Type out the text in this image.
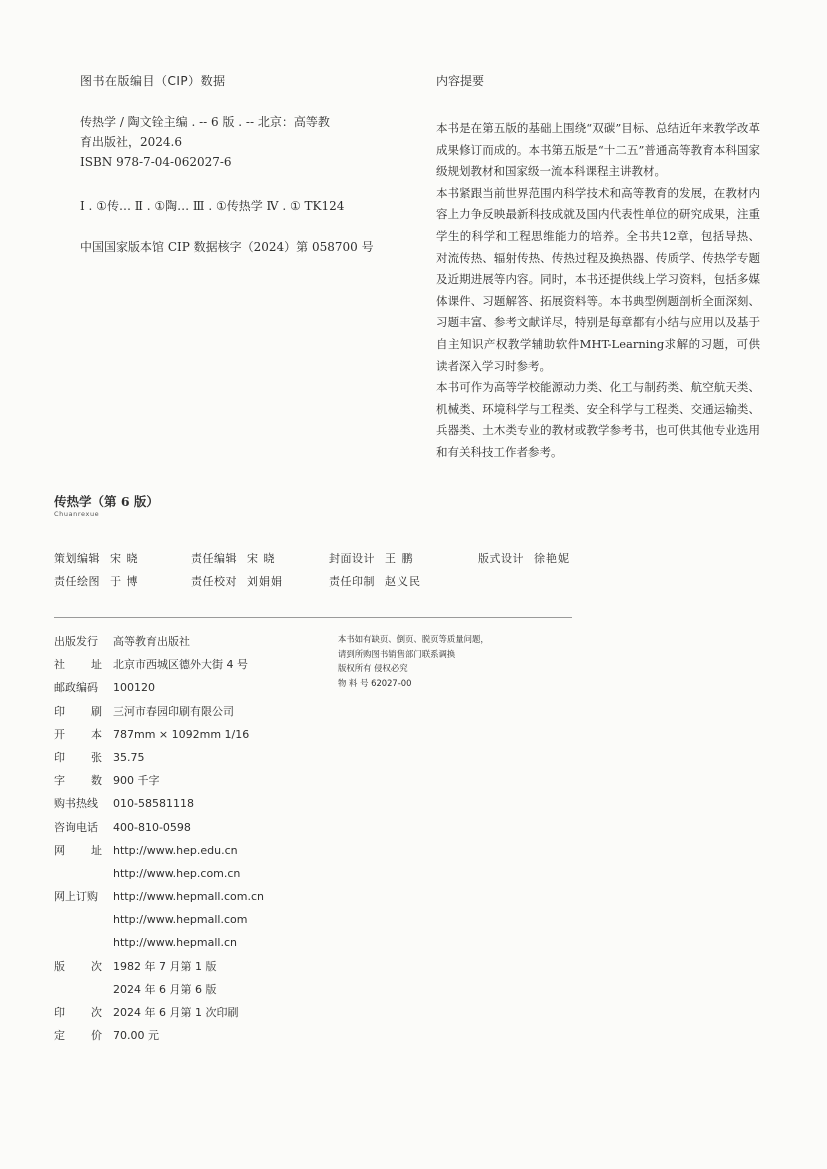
图书在版编目（CIP）数据
传热学 / 陶文铨主编 . -- 6 版 . -- 北京：高等教
育出版社，2024.6
ISBN 978-7-04-062027-6
Ⅰ . ①传… Ⅱ . ①陶… Ⅲ . ①传热学 Ⅳ . ① TK124
中国国家版本馆 CIP 数据核字（2024）第 058700 号
内容提要

本书是在第五版的基础上围绕“双碳”目标、总结近年来教学改革成果修订而成的。本书第五版是“十二五”普通高等教育本科国家级规划教材和国家级一流本科课程主讲教材。

本书紧跟当前世界范围内科学技术和高等教育的发展，在教材内容上力争反映最新科技成就及国内代表性单位的研究成果，注重学生的科学和工程思维能力的培养。全书共12章，包括导热、对流传热、辐射传热、传热过程及换热器、传质学、传热学专题及近期进展等内容。同时，本书还提供线上学习资料，包括多媒体课件、习题解答、拓展资料等。本书典型例题剖析全面深刻、习题丰富、参考文献详尽，特别是每章都有小结与应用以及基于自主知识产权教学辅助软件MHT-Learning求解的习题，可供读者深入学习时参考。

本书可作为高等学校能源动力类、化工与制药类、航空航天类、机械类、环境科学与工程类、安全科学与工程类、交通运输类、兵器类、土木类专业的教材或教学参考书，也可供其他专业选用和有关科技工作者参考。

传热学（第 6 版）
Chuanrexue
策划编辑 宋 晓	责任编辑 宋 晓	封面设计 王 鹏	版式设计 徐艳妮
责任绘图 于 博	责任校对 刘娟娟	责任印制 赵义民
出版发行	高等教育出版社
社 址 北京市西城区德外大街 4 号
邮政编码	100120
印 刷 三河市春园印刷有限公司
开 本 787mm × 1092mm 1/16
印 张 35.75
字 数 900 千字
购书热线	010-58581118
咨询电话	400-810-0598
网 址 http://www.hep.edu.cn
http://www.hep.com.cn
网上订购	http://www.hepmall.com.cn
http://www.hepmall.com
http://www.hepmall.cn
版 次 1982 年 7 月第 1 版
2024 年 6 月第 6 版
印 次 2024 年 6 月第 1 次印刷
定 价 70.00 元
本书如有缺页、倒页、脱页等质量问题，
请到所购图书销售部门联系调换
版权所有 侵权必究
物 料 号 62027-00
